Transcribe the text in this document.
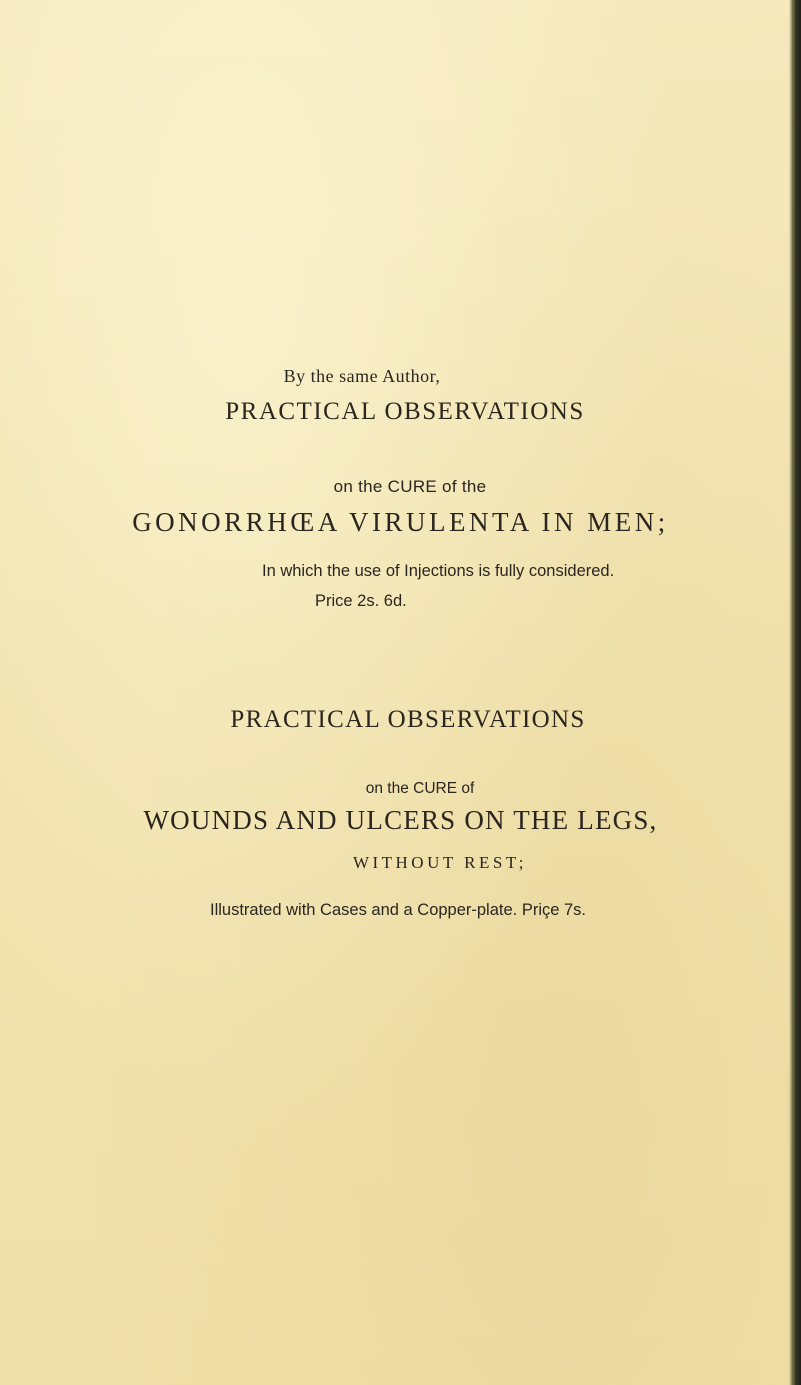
By the same Author,
PRACTICAL OBSERVATIONS
on the CURE of the
GONORRHŒA VIRULENTA IN MEN;
In which the use of Injections is fully considered.
Price 2s. 6d.
PRACTICAL OBSERVATIONS
on the CURE of
WOUNDS AND ULCERS ON THE LEGS,
WITHOUT REST;
Illustrated with Cases and a Copper-plate. Priçe 7s.
